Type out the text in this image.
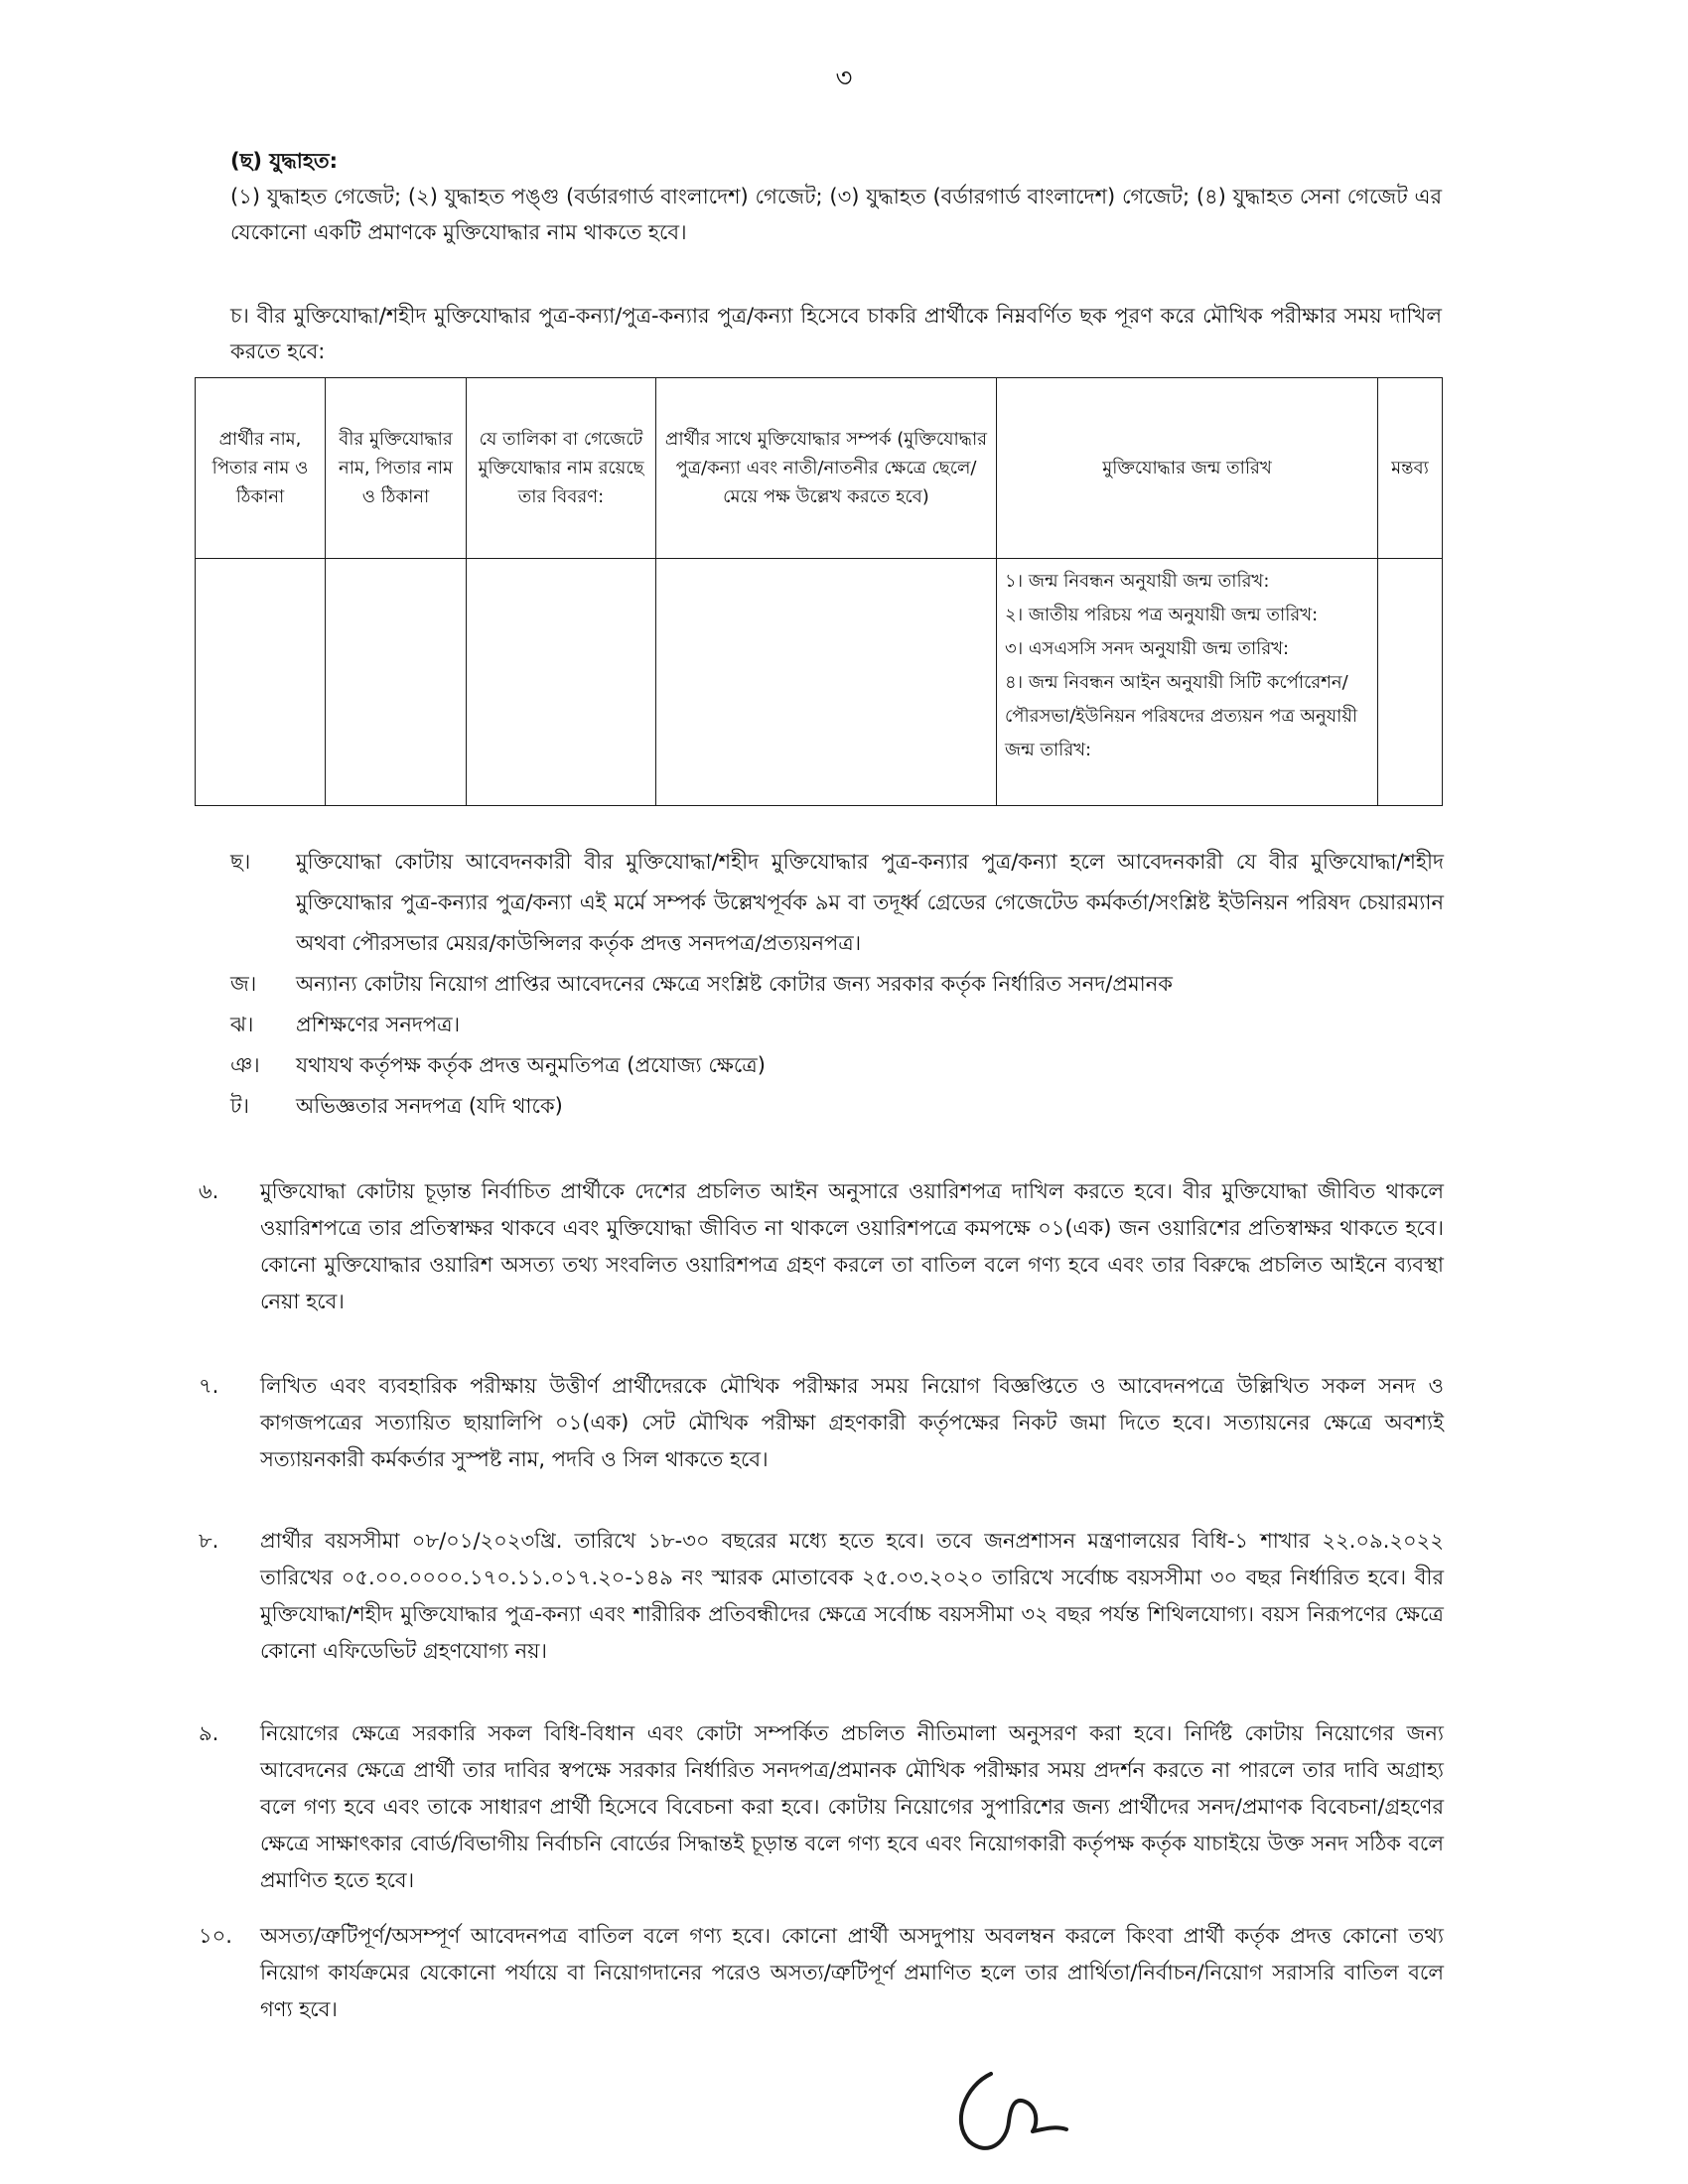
৩
(ছ) যুদ্ধাহত:
(১) যুদ্ধাহত গেজেট; (২) যুদ্ধাহত পঙ্গু (বর্ডারগার্ড বাংলাদেশ) গেজেট; (৩) যুদ্ধাহত (বর্ডারগার্ড বাংলাদেশ) গেজেট; (৪) যুদ্ধাহত সেনা গেজেট এর যেকোনো একটি প্রমাণকে মুক্তিযোদ্ধার নাম থাকতে হবে।
চ। বীর মুক্তিযোদ্ধা/শহীদ মুক্তিযোদ্ধার পুত্র-কন্যা/পুত্র-কন্যার পুত্র/কন্যা হিসেবে চাকরি প্রার্থীকে নিম্নবর্ণিত ছক পূরণ করে মৌখিক পরীক্ষার সময় দাখিল করতে হবে:
প্রার্থীর নাম, পিতার নাম ও ঠিকানা	বীর মুক্তিযোদ্ধার নাম, পিতার নাম ও ঠিকানা	যে তালিকা বা গেজেটে মুক্তিযোদ্ধার নাম রয়েছে তার বিবরণ:	প্রার্থীর সাথে মুক্তিযোদ্ধার সম্পর্ক (মুক্তিযোদ্ধার পুত্র/কন্যা এবং নাতী/নাতনীর ক্ষেত্রে ছেলে/মেয়ে পক্ষ উল্লেখ করতে হবে)	মুক্তিযোদ্ধার জন্ম তারিখ	মন্তব্য

				১। জন্ম নিবন্ধন অনুযায়ী জন্ম তারিখ:
২। জাতীয় পরিচয় পত্র অনুযায়ী জন্ম তারিখ:
৩। এসএসসি সনদ অনুযায়ী জন্ম তারিখ:
৪। জন্ম নিবন্ধন আইন অনুযায়ী সিটি কর্পোরেশন/পৌরসভা/ইউনিয়ন পরিষদের প্রত্যয়ন পত্র অনুযায়ী জন্ম তারিখ:	

ছ।	মুক্তিযোদ্ধা কোটায় আবেদনকারী বীর মুক্তিযোদ্ধা/শহীদ মুক্তিযোদ্ধার পুত্র-কন্যার পুত্র/কন্যা হলে আবেদনকারী যে বীর মুক্তিযোদ্ধা/শহীদ মুক্তিযোদ্ধার পুত্র-কন্যার পুত্র/কন্যা এই মর্মে সম্পর্ক উল্লেখপূর্বক ৯ম বা তদূর্ধ্ব গ্রেডের গেজেটেড কর্মকর্তা/সংশ্লিষ্ট ইউনিয়ন পরিষদ চেয়ারম্যান অথবা পৌরসভার মেয়র/কাউন্সিলর কর্তৃক প্রদত্ত সনদপত্র/প্রত্যয়নপত্র।
জ।	অন্যান্য কোটায় নিয়োগ প্রাপ্তির আবেদনের ক্ষেত্রে সংশ্লিষ্ট কোটার জন্য সরকার কর্তৃক নির্ধারিত সনদ/প্রমানক
ঝ।	প্রশিক্ষণের সনদপত্র।
ঞ।	যথাযথ কর্তৃপক্ষ কর্তৃক প্রদত্ত অনুমতিপত্র (প্রযোজ্য ক্ষেত্রে)
ট।	অভিজ্ঞতার সনদপত্র (যদি থাকে)
৬.	মুক্তিযোদ্ধা কোটায় চূড়ান্ত নির্বাচিত প্রার্থীকে দেশের প্রচলিত আইন অনুসারে ওয়ারিশপত্র দাখিল করতে হবে। বীর মুক্তিযোদ্ধা জীবিত থাকলে ওয়ারিশপত্রে তার প্রতিস্বাক্ষর থাকবে এবং মুক্তিযোদ্ধা জীবিত না থাকলে ওয়ারিশপত্রে কমপক্ষে ০১(এক) জন ওয়ারিশের প্রতিস্বাক্ষর থাকতে হবে। কোনো মুক্তিযোদ্ধার ওয়ারিশ অসত্য তথ্য সংবলিত ওয়ারিশপত্র গ্রহণ করলে তা বাতিল বলে গণ্য হবে এবং তার বিরুদ্ধে প্রচলিত আইনে ব্যবস্থা নেয়া হবে।
৭.	লিখিত এবং ব্যবহারিক পরীক্ষায় উত্তীর্ণ প্রার্থীদেরকে মৌখিক পরীক্ষার সময় নিয়োগ বিজ্ঞপ্তিতে ও আবেদনপত্রে উল্লিখিত সকল সনদ ও কাগজপত্রের সত্যায়িত ছায়ালিপি ০১(এক) সেট মৌখিক পরীক্ষা গ্রহণকারী কর্তৃপক্ষের নিকট জমা দিতে হবে। সত্যায়নের ক্ষেত্রে অবশ্যই সত্যায়নকারী কর্মকর্তার সুস্পষ্ট নাম, পদবি ও সিল থাকতে হবে।
৮.	প্রার্থীর বয়সসীমা ০৮/০১/২০২৩খ্রি. তারিখে ১৮-৩০ বছরের মধ্যে হতে হবে। তবে জনপ্রশাসন মন্ত্রণালয়ের বিধি-১ শাখার ২২.০৯.২০২২ তারিখের ০৫.০০.০০০০.১৭০.১১.০১৭.২০-১৪৯ নং স্মারক মোতাবেক ২৫.০৩.২০২০ তারিখে সর্বোচ্চ বয়সসীমা ৩০ বছর নির্ধারিত হবে। বীর মুক্তিযোদ্ধা/শহীদ মুক্তিযোদ্ধার পুত্র-কন্যা এবং শারীরিক প্রতিবন্ধীদের ক্ষেত্রে সর্বোচ্চ বয়সসীমা ৩২ বছর পর্যন্ত শিথিলযোগ্য। বয়স নিরূপণের ক্ষেত্রে কোনো এফিডেভিট গ্রহণযোগ্য নয়।
৯.	নিয়োগের ক্ষেত্রে সরকারি সকল বিধি-বিধান এবং কোটা সম্পর্কিত প্রচলিত নীতিমালা অনুসরণ করা হবে। নির্দিষ্ট কোটায় নিয়োগের জন্য আবেদনের ক্ষেত্রে প্রার্থী তার দাবির স্বপক্ষে সরকার নির্ধারিত সনদপত্র/প্রমানক মৌখিক পরীক্ষার সময় প্রদর্শন করতে না পারলে তার দাবি অগ্রাহ্য বলে গণ্য হবে এবং তাকে সাধারণ প্রার্থী হিসেবে বিবেচনা করা হবে। কোটায় নিয়োগের সুপারিশের জন্য প্রার্থীদের সনদ/প্রমাণক বিবেচনা/গ্রহণের ক্ষেত্রে সাক্ষাৎকার বোর্ড/বিভাগীয় নির্বাচনি বোর্ডের সিদ্ধান্তই চূড়ান্ত বলে গণ্য হবে এবং নিয়োগকারী কর্তৃপক্ষ কর্তৃক যাচাইয়ে উক্ত সনদ সঠিক বলে প্রমাণিত হতে হবে।
১০.	অসত্য/ত্রুটিপূর্ণ/অসম্পূর্ণ আবেদনপত্র বাতিল বলে গণ্য হবে। কোনো প্রার্থী অসদুপায় অবলম্বন করলে কিংবা প্রার্থী কর্তৃক প্রদত্ত কোনো তথ্য নিয়োগ কার্যক্রমের যেকোনো পর্যায়ে বা নিয়োগদানের পরেও অসত্য/ত্রুটিপূর্ণ প্রমাণিত হলে তার প্রার্থিতা/নির্বাচন/নিয়োগ সরাসরি বাতিল বলে গণ্য হবে।
